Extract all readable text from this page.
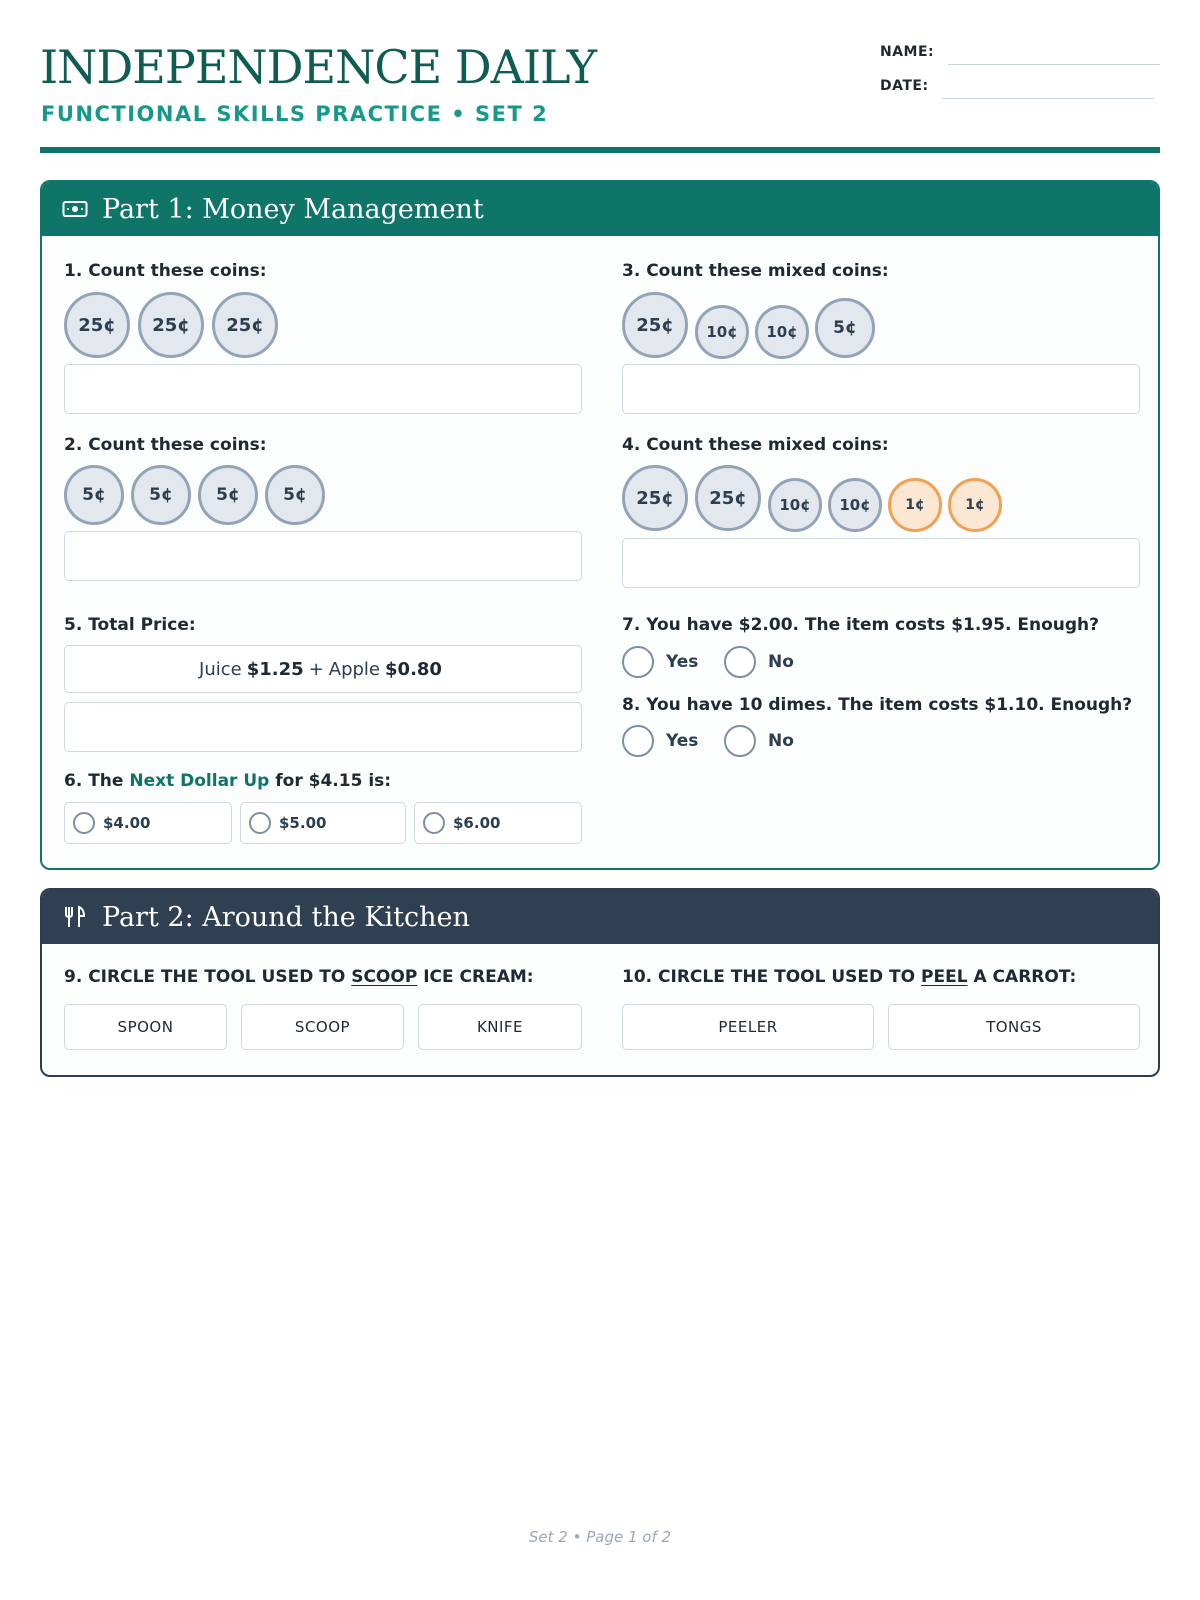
INDEPENDENCE DAILY
FUNCTIONAL SKILLS PRACTICE • SET 2
NAME:
DATE:
Part 1: Money Management
1. Count these coins:
25¢	25¢	25¢
2. Count these coins:
5¢	5¢	5¢	5¢
3. Count these mixed coins:
25¢	10¢	10¢	5¢
4. Count these mixed coins:
25¢	25¢	10¢	10¢	1¢	1¢
5. Total Price:
Juice $1.25 + Apple $0.80
6. The Next Dollar Up for $4.15 is:
$4.00	$5.00	$6.00
7. You have $2.00. The item costs $1.95. Enough?
Yes	No
8. You have 10 dimes. The item costs $1.10. Enough?
Yes	No
Part 2: Around the Kitchen
9. CIRCLE THE TOOL USED TO SCOOP ICE CREAM:
SPOON	SCOOP	KNIFE
10. CIRCLE THE TOOL USED TO PEEL A CARROT:
PEELER	TONGS
Set 2 • Page 1 of 2
